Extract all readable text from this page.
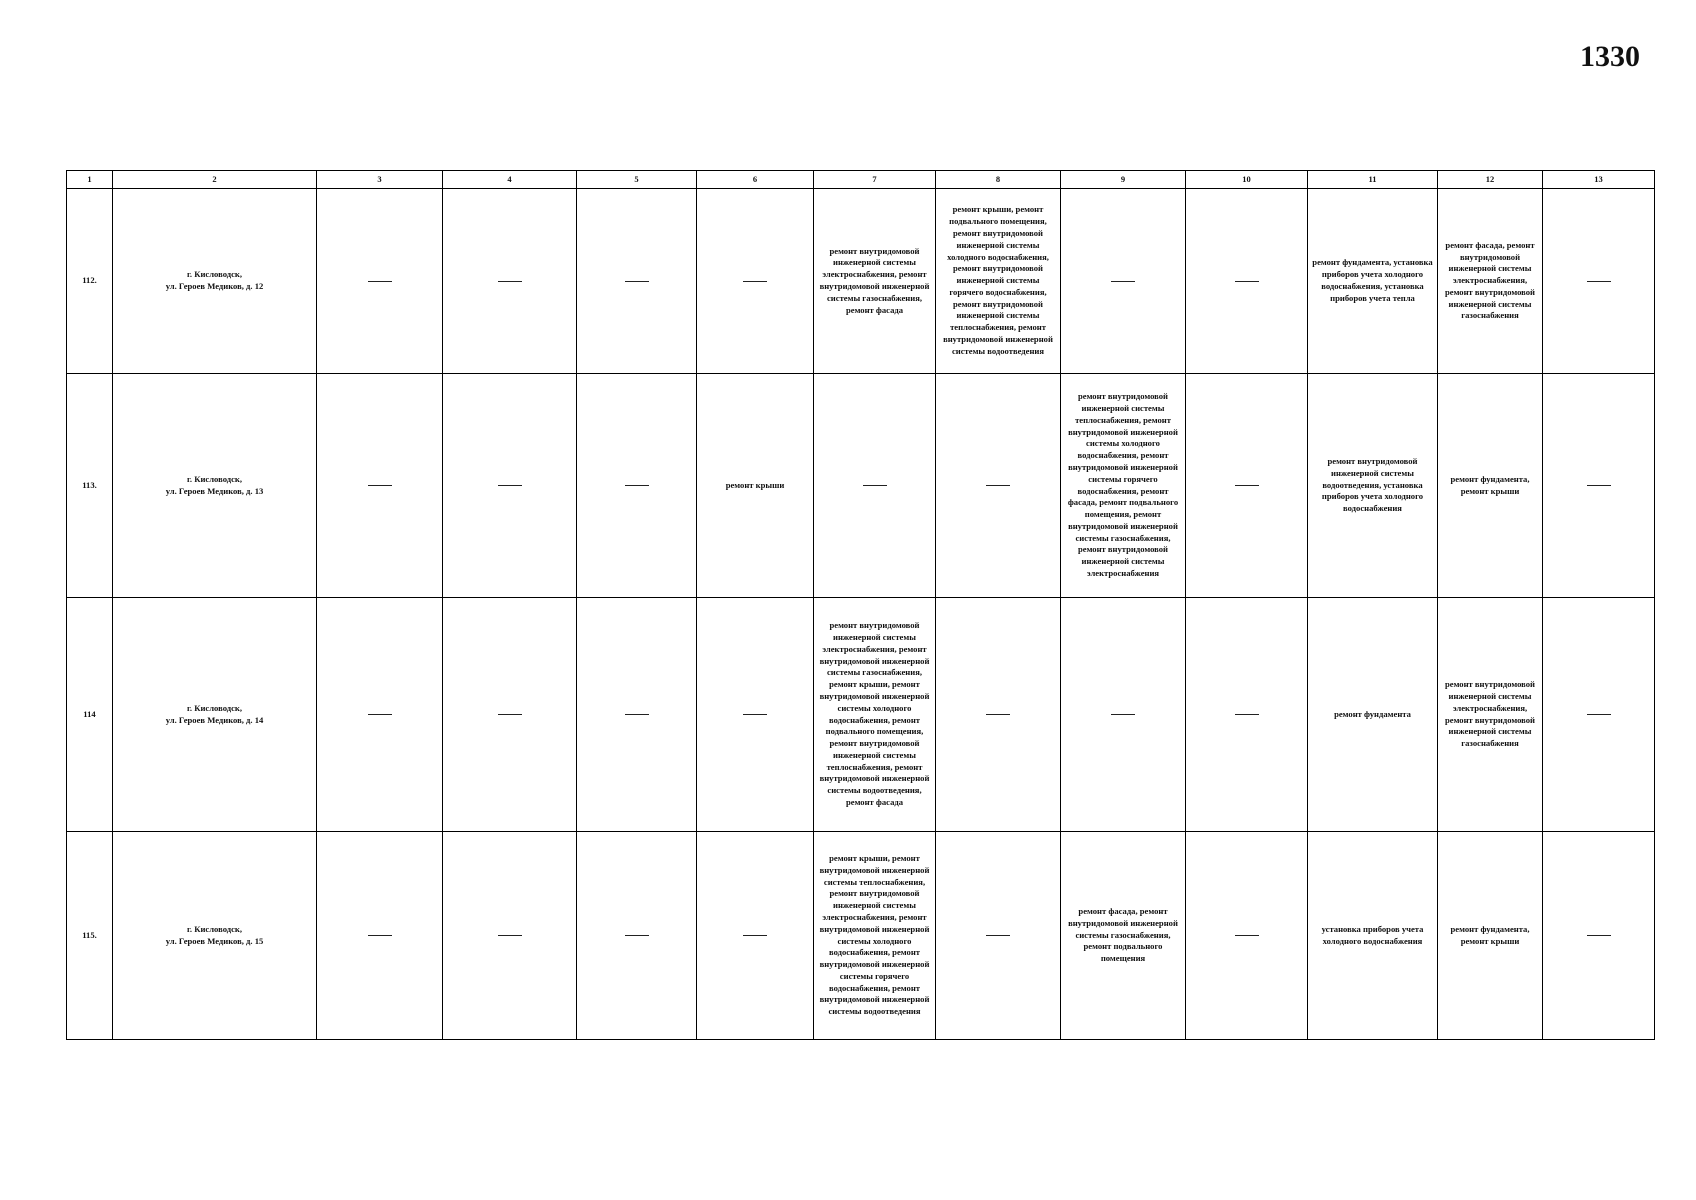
1330
1	2	3	4	5	6	7	8	9	10	11	12	13
112.	г. Кисловодск,
ул. Героев Медиков, д. 12					ремонт внутридомовой инженерной системы электроснабжения, ремонт внутридомовой инженерной системы газоснабжения, ремонт фасада	ремонт крыши, ремонт подвального помещения, ремонт внутридомовой инженерной системы холодного водоснабжения, ремонт внутридомовой инженерной системы горячего водоснабжения, ремонт внутридомовой инженерной системы теплоснабжения, ремонт внутридомовой инженерной системы водоотведения			ремонт фундамента, установка приборов учета холодного водоснабжения, установка приборов учета тепла	ремонт фасада, ремонт внутридомовой инженерной системы электроснабжения, ремонт внутридомовой инженерной системы газоснабжения	
113.	г. Кисловодск,
ул. Героев Медиков, д. 13				ремонт крыши			ремонт внутридомовой инженерной системы теплоснабжения, ремонт внутридомовой инженерной системы холодного водоснабжения, ремонт внутридомовой инженерной системы горячего водоснабжения, ремонт фасада, ремонт подвального помещения, ремонт внутридомовой инженерной системы газоснабжения, ремонт внутридомовой инженерной системы электроснабжения		ремонт внутридомовой инженерной системы водоотведения, установка приборов учета холодного водоснабжения	ремонт фундамента, ремонт крыши	
114	г. Кисловодск,
ул. Героев Медиков, д. 14					ремонт внутридомовой инженерной системы электроснабжения, ремонт внутридомовой инженерной системы газоснабжения, ремонт крыши, ремонт внутридомовой инженерной системы холодного водоснабжения, ремонт подвального помещения, ремонт внутридомовой инженерной системы теплоснабжения, ремонт внутридомовой инженерной системы водоотведения, ремонт фасада				ремонт фундамента	ремонт внутридомовой инженерной системы электроснабжения, ремонт внутридомовой инженерной системы газоснабжения	
115.	г. Кисловодск,
ул. Героев Медиков, д. 15					ремонт крыши, ремонт внутридомовой инженерной системы теплоснабжения, ремонт внутридомовой инженерной системы электроснабжения, ремонт внутридомовой инженерной системы холодного водоснабжения, ремонт внутридомовой инженерной системы горячего водоснабжения, ремонт внутридомовой инженерной системы водоотведения		ремонт фасада, ремонт внутридомовой инженерной системы газоснабжения, ремонт подвального помещения		установка приборов учета холодного водоснабжения	ремонт фундамента, ремонт крыши	
